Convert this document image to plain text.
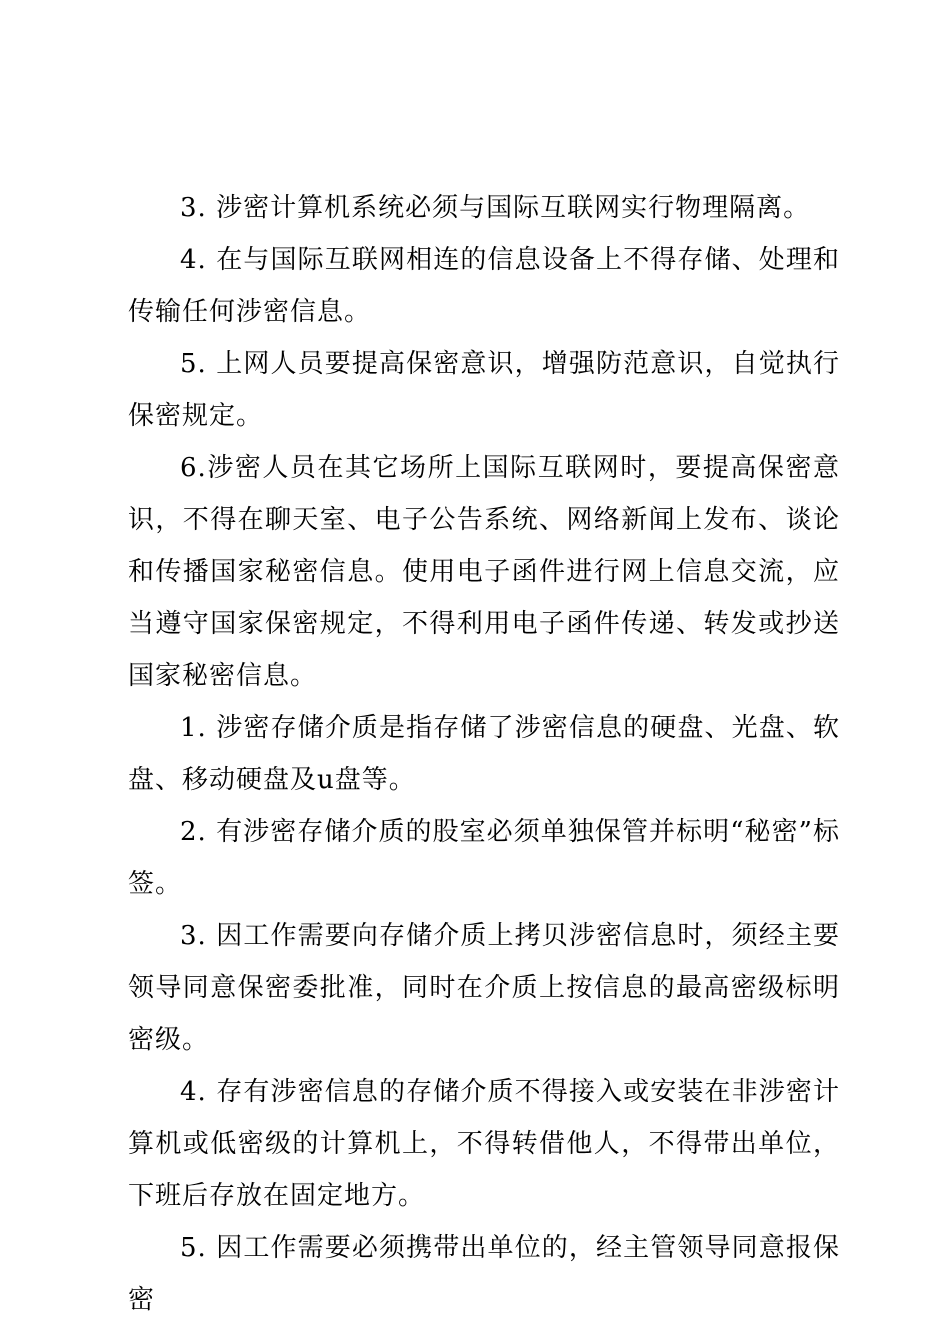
3. 涉密计算机系统必须与国际互联网实行物理隔离。

4. 在与国际互联网相连的信息设备上不得存储、处理和传输任何涉密信息。

5. 上网人员要提高保密意识，增强防范意识，自觉执行保密规定。

6.涉密人员在其它场所上国际互联网时，要提高保密意识，不得在聊天室、电子公告系统、网络新闻上发布、谈论和传播国家秘密信息。使用电子函件进行网上信息交流，应当遵守国家保密规定，不得利用电子函件传递、转发或抄送国家秘密信息。

1. 涉密存储介质是指存储了涉密信息的硬盘、光盘、软盘、移动硬盘及u盘等。

2. 有涉密存储介质的股室必须单独保管并标明“秘密”标签。

3. 因工作需要向存储介质上拷贝涉密信息时，须经主要领导同意保密委批准，同时在介质上按信息的最高密级标明密级。

4. 存有涉密信息的存储介质不得接入或安装在非涉密计算机或低密级的计算机上，不得转借他人，不得带出单位，下班后存放在固定地方。

5. 因工作需要必须携带出单位的，经主管领导同意报保密
